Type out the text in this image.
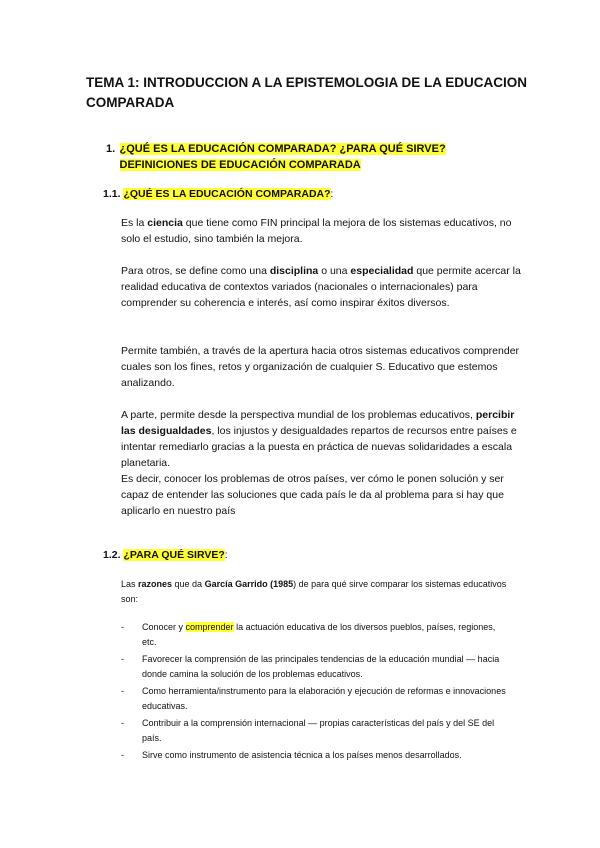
TEMA 1: INTRODUCCION A LA EPISTEMOLOGIA DE LA EDUCACION COMPARADA
1. ¿QUÉ ES LA EDUCACIÓN COMPARADA? ¿PARA QUÉ SIRVE? DEFINICIONES DE EDUCACIÓN COMPARADA
1.1. ¿QUÉ ES LA EDUCACIÓN COMPARADA?:
Es la ciencia que tiene como FIN principal la mejora de los sistemas educativos, no solo el estudio, sino también la mejora.
Para otros, se define como una disciplina o una especialidad que permite acercar la realidad educativa de contextos variados (nacionales o internacionales) para comprender su coherencia e interés, así como inspirar éxitos diversos.
Permite también, a través de la apertura hacia otros sistemas educativos comprender cuales son los fines, retos y organización de cualquier S. Educativo que estemos analizando.
A parte, permite desde la perspectiva mundial de los problemas educativos, percibir las desigualdades, los injustos y desigualdades repartos de recursos entre países e intentar remediarlo gracias a la puesta en práctica de nuevas solidaridades a escala planetaria.
Es decir, conocer los problemas de otros países, ver cómo le ponen solución y ser capaz de entender las soluciones que cada país le da al problema para si hay que aplicarlo en nuestro país
1.2. ¿PARA QUÉ SIRVE?:
Las razones que da García Garrido (1985) de para qué sirve comparar los sistemas educativos son:
-	Conocer y comprender la actuación educativa de los diversos pueblos, países, regiones, etc.
-	Favorecer la comprensión de las principales tendencias de la educación mundial — hacia donde camina la solución de los problemas educativos.
-	Como herramienta/instrumento para la elaboración y ejecución de reformas e innovaciones educativas.
-	Contribuir a la comprensión internacional — propias características del país y del SE del país.
-	Sirve como instrumento de asistencia técnica a los países menos desarrollados.
